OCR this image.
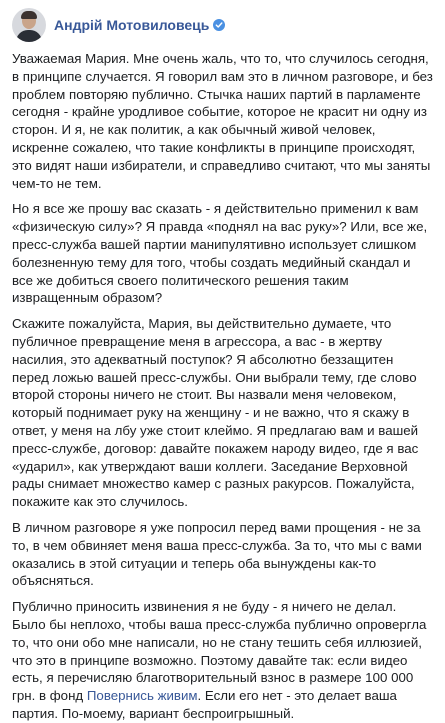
Андрій Мотовиловець

Уважаемая Мария. Мне очень жаль, что то, что случилось сегодня, в принципе случается. Я говорил вам это в личном разговоре, и без проблем повторяю публично. Стычка наших партий в парламенте сегодня - крайне уродливое событие, которое не красит ни одну из сторон. И я, не как политик, а как обычный живой человек, искренне сожалею, что такие конфликты в принципе происходят, это видят наши избиратели, и справедливо считают, что мы заняты чем-то не тем.

Но я все же прошу вас сказать - я действительно применил к вам «физическую силу»? Я правда «поднял на вас руку»? Или, все же, пресс-служба вашей партии манипулятивно использует слишком болезненную тему для того, чтобы создать медийный скандал и все же добиться своего политического решения таким извращенным образом?

Скажите пожалуйста, Мария, вы действительно думаете, что публичное превращение меня в агрессора, а вас - в жертву насилия, это адекватный поступок? Я абсолютно беззащитен перед ложью вашей пресс-службы. Они выбрали тему, где слово второй стороны ничего не стоит. Вы назвали меня человеком, который поднимает руку на женщину - и не важно, что я скажу в ответ, у меня на лбу уже стоит клеймо. Я предлагаю вам и вашей пресс-службе, договор: давайте покажем народу видео, где я вас «ударил», как утверждают ваши коллеги. Заседание Верховной рады снимает множество камер с разных ракурсов. Пожалуйста, покажите как это случилось.

В личном разговоре я уже попросил перед вами прощения - не за то, в чем обвиняет меня ваша пресс-служба. За то, что мы с вами оказались в этой ситуации и теперь оба вынуждены как-то объясняться.

Публично приносить извинения я не буду - я ничего не делал. Было бы неплохо, чтобы ваша пресс-служба публично опровергла то, что они обо мне написали, но не стану тешить себя иллюзией, что это в принципе возможно. Поэтому давайте так: если видео есть, я перечисляю благотворительный взнос в размере 100 000 грн. в фонд Повернись живим. Если его нет - это делает ваша партия. По-моему, вариант беспроигрышный.
